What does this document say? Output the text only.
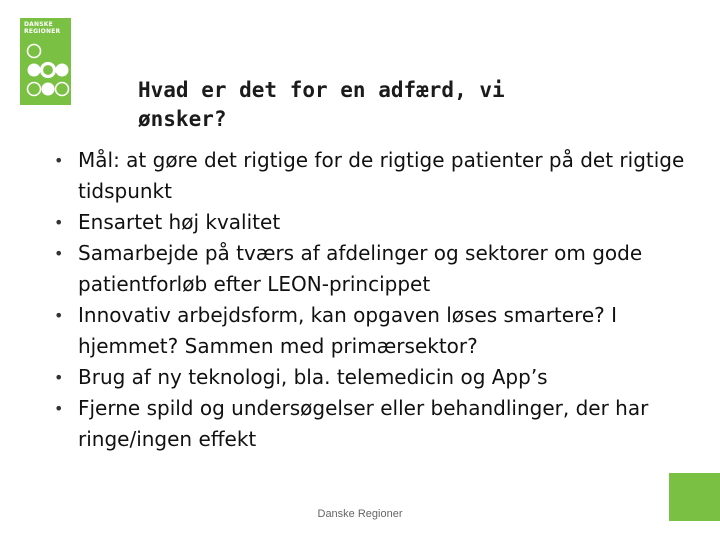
DANSKE
REGIONER
Hvad er det for en adfærd, vi
ønsker?
• Mål: at gøre det rigtige for de rigtige patienter på det rigtige tidspunkt
• Ensartet høj kvalitet
• Samarbejde på tværs af afdelinger og sektorer om gode patientforløb efter LEON-princippet
• Innovativ arbejdsform, kan opgaven løses smartere? I hjemmet? Sammen med primærsektor?
• Brug af ny teknologi, bla. telemedicin og App’s
• Fjerne spild og undersøgelser eller behandlinger, der har ringe/ingen effekt
Danske Regioner
